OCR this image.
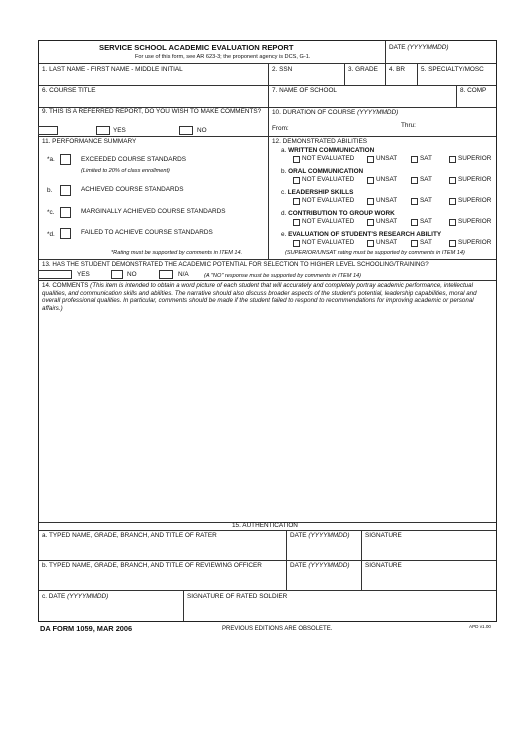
SERVICE SCHOOL ACADEMIC EVALUATION REPORT
For use of this form, see AR 623-3; the proponent agency is DCS, G-1.
DATE (YYYYMMDD)
1. LAST NAME - FIRST NAME - MIDDLE INITIAL	2. SSN	3. GRADE 4. BR	5. SPECIALTY/MOSC
6. COURSE TITLE	7. NAME OF SCHOOL	8. COMP
9. THIS IS A REFERRED REPORT, DO YOU WISH TO MAKE COMMENTS?
YES	NO
10. DURATION OF COURSE (YYYYMMDD)
From:	Thru:
11. PERFORMANCE SUMMARY
*a.	EXCEEDED COURSE STANDARDS
(Limited to 20% of class enrollment)
b.	ACHIEVED COURSE STANDARDS
*c.	MARGINALLY ACHIEVED COURSE STANDARDS
*d.	FAILED TO ACHIEVE COURSE STANDARDS
*Rating must be supported by comments in ITEM 14.
12. DEMONSTRATED ABILITIES
a. WRITTEN COMMUNICATION
NOT EVALUATED	UNSAT	SAT	SUPERIOR
b. ORAL COMMUNICATION
NOT EVALUATED	UNSAT	SAT	SUPERIOR
c. LEADERSHIP SKILLS
NOT EVALUATED	UNSAT	SAT	SUPERIOR
d. CONTRIBUTION TO GROUP WORK
NOT EVALUATED	UNSAT	SAT	SUPERIOR
e. EVALUATION OF STUDENT'S RESEARCH ABILITY
NOT EVALUATED	UNSAT	SAT	SUPERIOR
(SUPERIOR/UNSAT rating must be supported by comments in ITEM 14)
13. HAS THE STUDENT DEMONSTRATED THE ACADEMIC POTENTIAL FOR SELECTION TO HIGHER LEVEL SCHOOLING/TRAINING?
YES	NO	N/A	(A "NO" response must be supported by comments in ITEM 14)
14. COMMENTS (This item is intended to obtain a word picture of each student that will accurately and completely portray academic performance, intellectual qualities, and communication skills and abilities. The narrative should also discuss broader aspects of the student's potential, leadership capabilities, moral and overall professional qualities. In particular, comments should be made if the student failed to respond to recommendations for improving academic or personal affairs.)
15. AUTHENTICATION
a. TYPED NAME, GRADE, BRANCH, AND TITLE OF RATER	DATE (YYYYMMDD) SIGNATURE
b. TYPED NAME, GRADE, BRANCH, AND TITLE OF REVIEWING OFFICER	DATE (YYYYMMDD) SIGNATURE
c. DATE (YYYYMMDD)	SIGNATURE OF RATED SOLDIER
DA FORM 1059, MAR 2006	PREVIOUS EDITIONS ARE OBSOLETE.	APD v1.00
